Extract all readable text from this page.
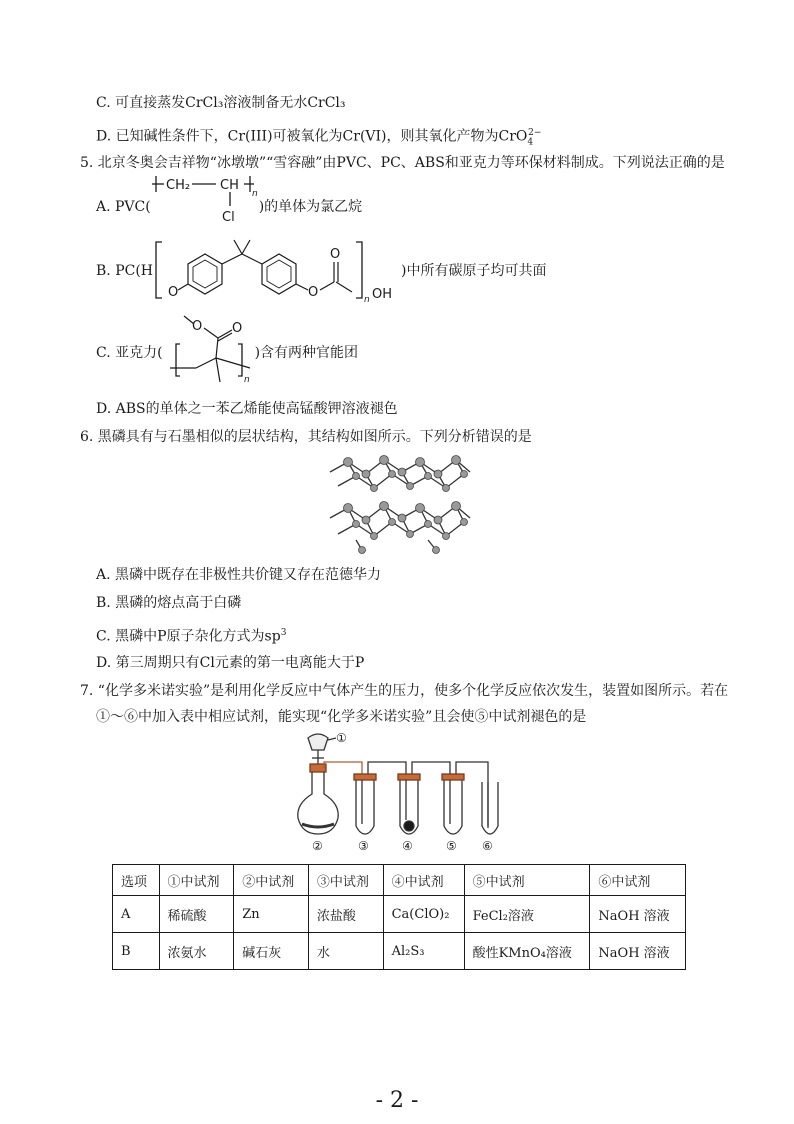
C. 可直接蒸发CrCl₃溶液制备无水CrCl₃
D. 已知碱性条件下，Cr(III)可被氧化为Cr(VI)，则其氧化产物为CrO$_4^{2-}$
5. 北京冬奥会吉祥物“冰墩墩”“雪容融”由PVC、PC、ABS和亚克力等环保材料制成。下列说法正确的是
A. PVC(	)的单体为氯乙烷
CH₂ CH
n
Cl
B. PC(H	)中所有碳原子均可共面
O	O
O
n OH
C. 亚克力(	)含有两种官能团
O O
n
D. ABS的单体之一苯乙烯能使高锰酸钾溶液褪色
6. 黑磷具有与石墨相似的层状结构，其结构如图所示。下列分析错误的是
A. 黑磷中既存在非极性共价键又存在范德华力
B. 黑磷的熔点高于白磷
C. 黑磷中P原子杂化方式为$sp^3$
D. 第三周期只有Cl元素的第一电离能大于P
7. “化学多米诺实验”是利用化学反应中气体产生的压力，使多个化学反应依次发生，装置如图所示。若在
①～⑥中加入表中相应试剂，能实现“化学多米诺实验”且会使⑤中试剂褪色的是
①
②	③	④	⑤ ⑥
选项	①中试剂	②中试剂	③中试剂	④中试剂	⑤中试剂	⑥中试剂
A	稀硫酸	Zn	浓盐酸	Ca(ClO)₂	FeCl₂溶液	NaOH 溶液
B	浓氨水	碱石灰	水	Al₂S₃	酸性KMnO₄溶液	NaOH 溶液
- 2 -
